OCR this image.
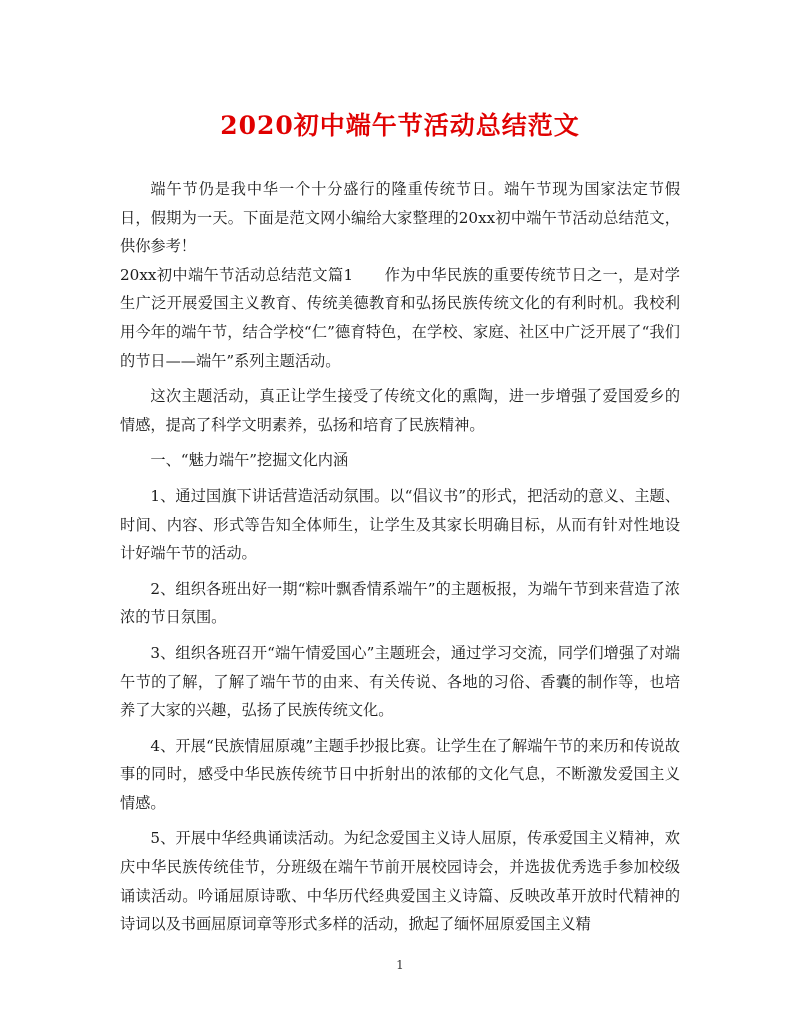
2020初中端午节活动总结范文

端午节仍是我中华一个十分盛行的隆重传统节日。端午节现为国家法定节假日，假期为一天。下面是范文网小编给大家整理的20xx初中端午节活动总结范文，供你参考！

20xx初中端午节活动总结范文篇1　　作为中华民族的重要传统节日之一，是对学生广泛开展爱国主义教育、传统美德教育和弘扬民族传统文化的有利时机。我校利用今年的端午节，结合学校“仁”德育特色，在学校、家庭、社区中广泛开展了“我们的节日——端午”系列主题活动。

这次主题活动，真正让学生接受了传统文化的熏陶，进一步增强了爱国爱乡的情感，提高了科学文明素养，弘扬和培育了民族精神。

一、“魅力端午”挖掘文化内涵

1、通过国旗下讲话营造活动氛围。以“倡议书”的形式，把活动的意义、主题、时间、内容、形式等告知全体师生，让学生及其家长明确目标，从而有针对性地设计好端午节的活动。

2、组织各班出好一期“粽叶飘香情系端午”的主题板报，为端午节到来营造了浓浓的节日氛围。

3、组织各班召开“端午情爱国心”主题班会，通过学习交流，同学们增强了对端午节的了解，了解了端午节的由来、有关传说、各地的习俗、香囊的制作等，也培养了大家的兴趣，弘扬了民族传统文化。

4、开展“民族情屈原魂”主题手抄报比赛。让学生在了解端午节的来历和传说故事的同时，感受中华民族传统节日中折射出的浓郁的文化气息，不断激发爱国主义情感。

5、开展中华经典诵读活动。为纪念爱国主义诗人屈原，传承爱国主义精神，欢庆中华民族传统佳节，分班级在端午节前开展校园诗会，并选拔优秀选手参加校级诵读活动。吟诵屈原诗歌、中华历代经典爱国主义诗篇、反映改革开放时代精神的诗词以及书画屈原词章等形式多样的活动，掀起了缅怀屈原爱国主义精

1
